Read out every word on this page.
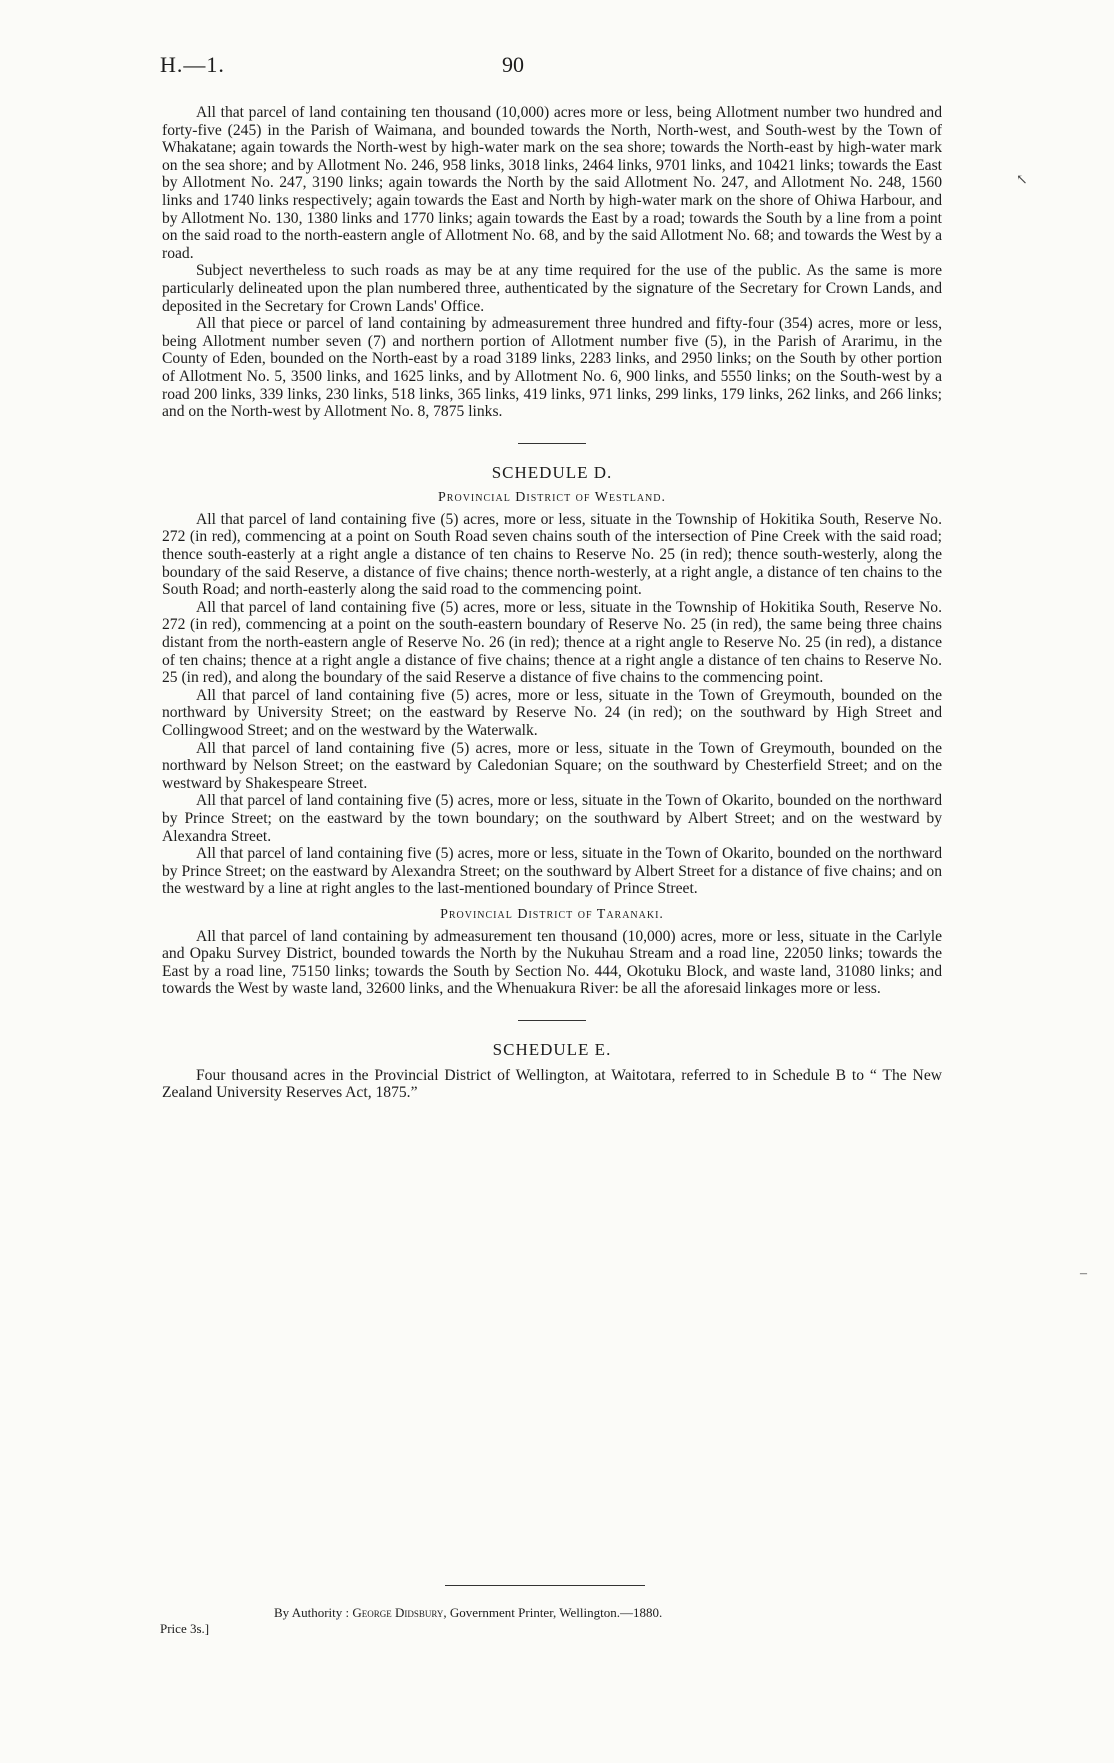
H.—1.	90
↖
–

All that parcel of land containing ten thousand (10,000) acres more or less, being Allotment number two hundred and forty-five (245) in the Parish of Waimana, and bounded towards the North, North-west, and South-west by the Town of Whakatane; again towards the North-west by high-water mark on the sea shore; towards the North-east by high-water mark on the sea shore; and by Allotment No. 246, 958 links, 3018 links, 2464 links, 9701 links, and 10421 links; towards the East by Allotment No. 247, 3190 links; again towards the North by the said Allotment No. 247, and Allotment No. 248, 1560 links and 1740 links respectively; again towards the East and North by high-water mark on the shore of Ohiwa Harbour, and by Allotment No. 130, 1380 links and 1770 links; again towards the East by a road; towards the South by a line from a point on the said road to the north-eastern angle of Allotment No. 68, and by the said Allotment No. 68; and towards the West by a road.

Subject nevertheless to such roads as may be at any time required for the use of the public. As the same is more particularly delineated upon the plan numbered three, authenticated by the signature of the Secretary for Crown Lands, and deposited in the Secretary for Crown Lands' Office.

All that piece or parcel of land containing by admeasurement three hundred and fifty-four (354) acres, more or less, being Allotment number seven (7) and northern portion of Allotment number five (5), in the Parish of Ararimu, in the County of Eden, bounded on the North-east by a road 3189 links, 2283 links, and 2950 links; on the South by other portion of Allotment No. 5, 3500 links, and 1625 links, and by Allotment No. 6, 900 links, and 5550 links; on the South-west by a road 200 links, 339 links, 230 links, 518 links, 365 links, 419 links, 971 links, 299 links, 179 links, 262 links, and 266 links; and on the North-west by Allotment No. 8, 7875 links.

SCHEDULE D.
Provincial District of Westland.

All that parcel of land containing five (5) acres, more or less, situate in the Township of Hokitika South, Reserve No. 272 (in red), commencing at a point on South Road seven chains south of the intersection of Pine Creek with the said road; thence south-easterly at a right angle a distance of ten chains to Reserve No. 25 (in red); thence south-westerly, along the boundary of the said Reserve, a distance of five chains; thence north-westerly, at a right angle, a distance of ten chains to the South Road; and north-easterly along the said road to the commencing point.

All that parcel of land containing five (5) acres, more or less, situate in the Township of Hokitika South, Reserve No. 272 (in red), commencing at a point on the south-eastern boundary of Reserve No. 25 (in red), the same being three chains distant from the north-eastern angle of Reserve No. 26 (in red); thence at a right angle to Reserve No. 25 (in red), a distance of ten chains; thence at a right angle a distance of five chains; thence at a right angle a distance of ten chains to Reserve No. 25 (in red), and along the boundary of the said Reserve a distance of five chains to the commencing point.

All that parcel of land containing five (5) acres, more or less, situate in the Town of Greymouth, bounded on the northward by University Street; on the eastward by Reserve No. 24 (in red); on the southward by High Street and Collingwood Street; and on the westward by the Waterwalk.

All that parcel of land containing five (5) acres, more or less, situate in the Town of Greymouth, bounded on the northward by Nelson Street; on the eastward by Caledonian Square; on the southward by Chesterfield Street; and on the westward by Shakespeare Street.

All that parcel of land containing five (5) acres, more or less, situate in the Town of Okarito, bounded on the northward by Prince Street; on the eastward by the town boundary; on the southward by Albert Street; and on the westward by Alexandra Street.

All that parcel of land containing five (5) acres, more or less, situate in the Town of Okarito, bounded on the northward by Prince Street; on the eastward by Alexandra Street; on the southward by Albert Street for a distance of five chains; and on the westward by a line at right angles to the last-mentioned boundary of Prince Street.

Provincial District of Taranaki.

All that parcel of land containing by admeasurement ten thousand (10,000) acres, more or less, situate in the Carlyle and Opaku Survey District, bounded towards the North by the Nukuhau Stream and a road line, 22050 links; towards the East by a road line, 75150 links; towards the South by Section No. 444, Okotuku Block, and waste land, 31080 links; and towards the West by waste land, 32600 links, and the Whenuakura River: be all the aforesaid linkages more or less.

SCHEDULE E.

Four thousand acres in the Provincial District of Wellington, at Waitotara, referred to in Schedule B to “ The New Zealand University Reserves Act, 1875.”

By Authority : George Didsbury, Government Printer, Wellington.—1880.
Price 3s.]
